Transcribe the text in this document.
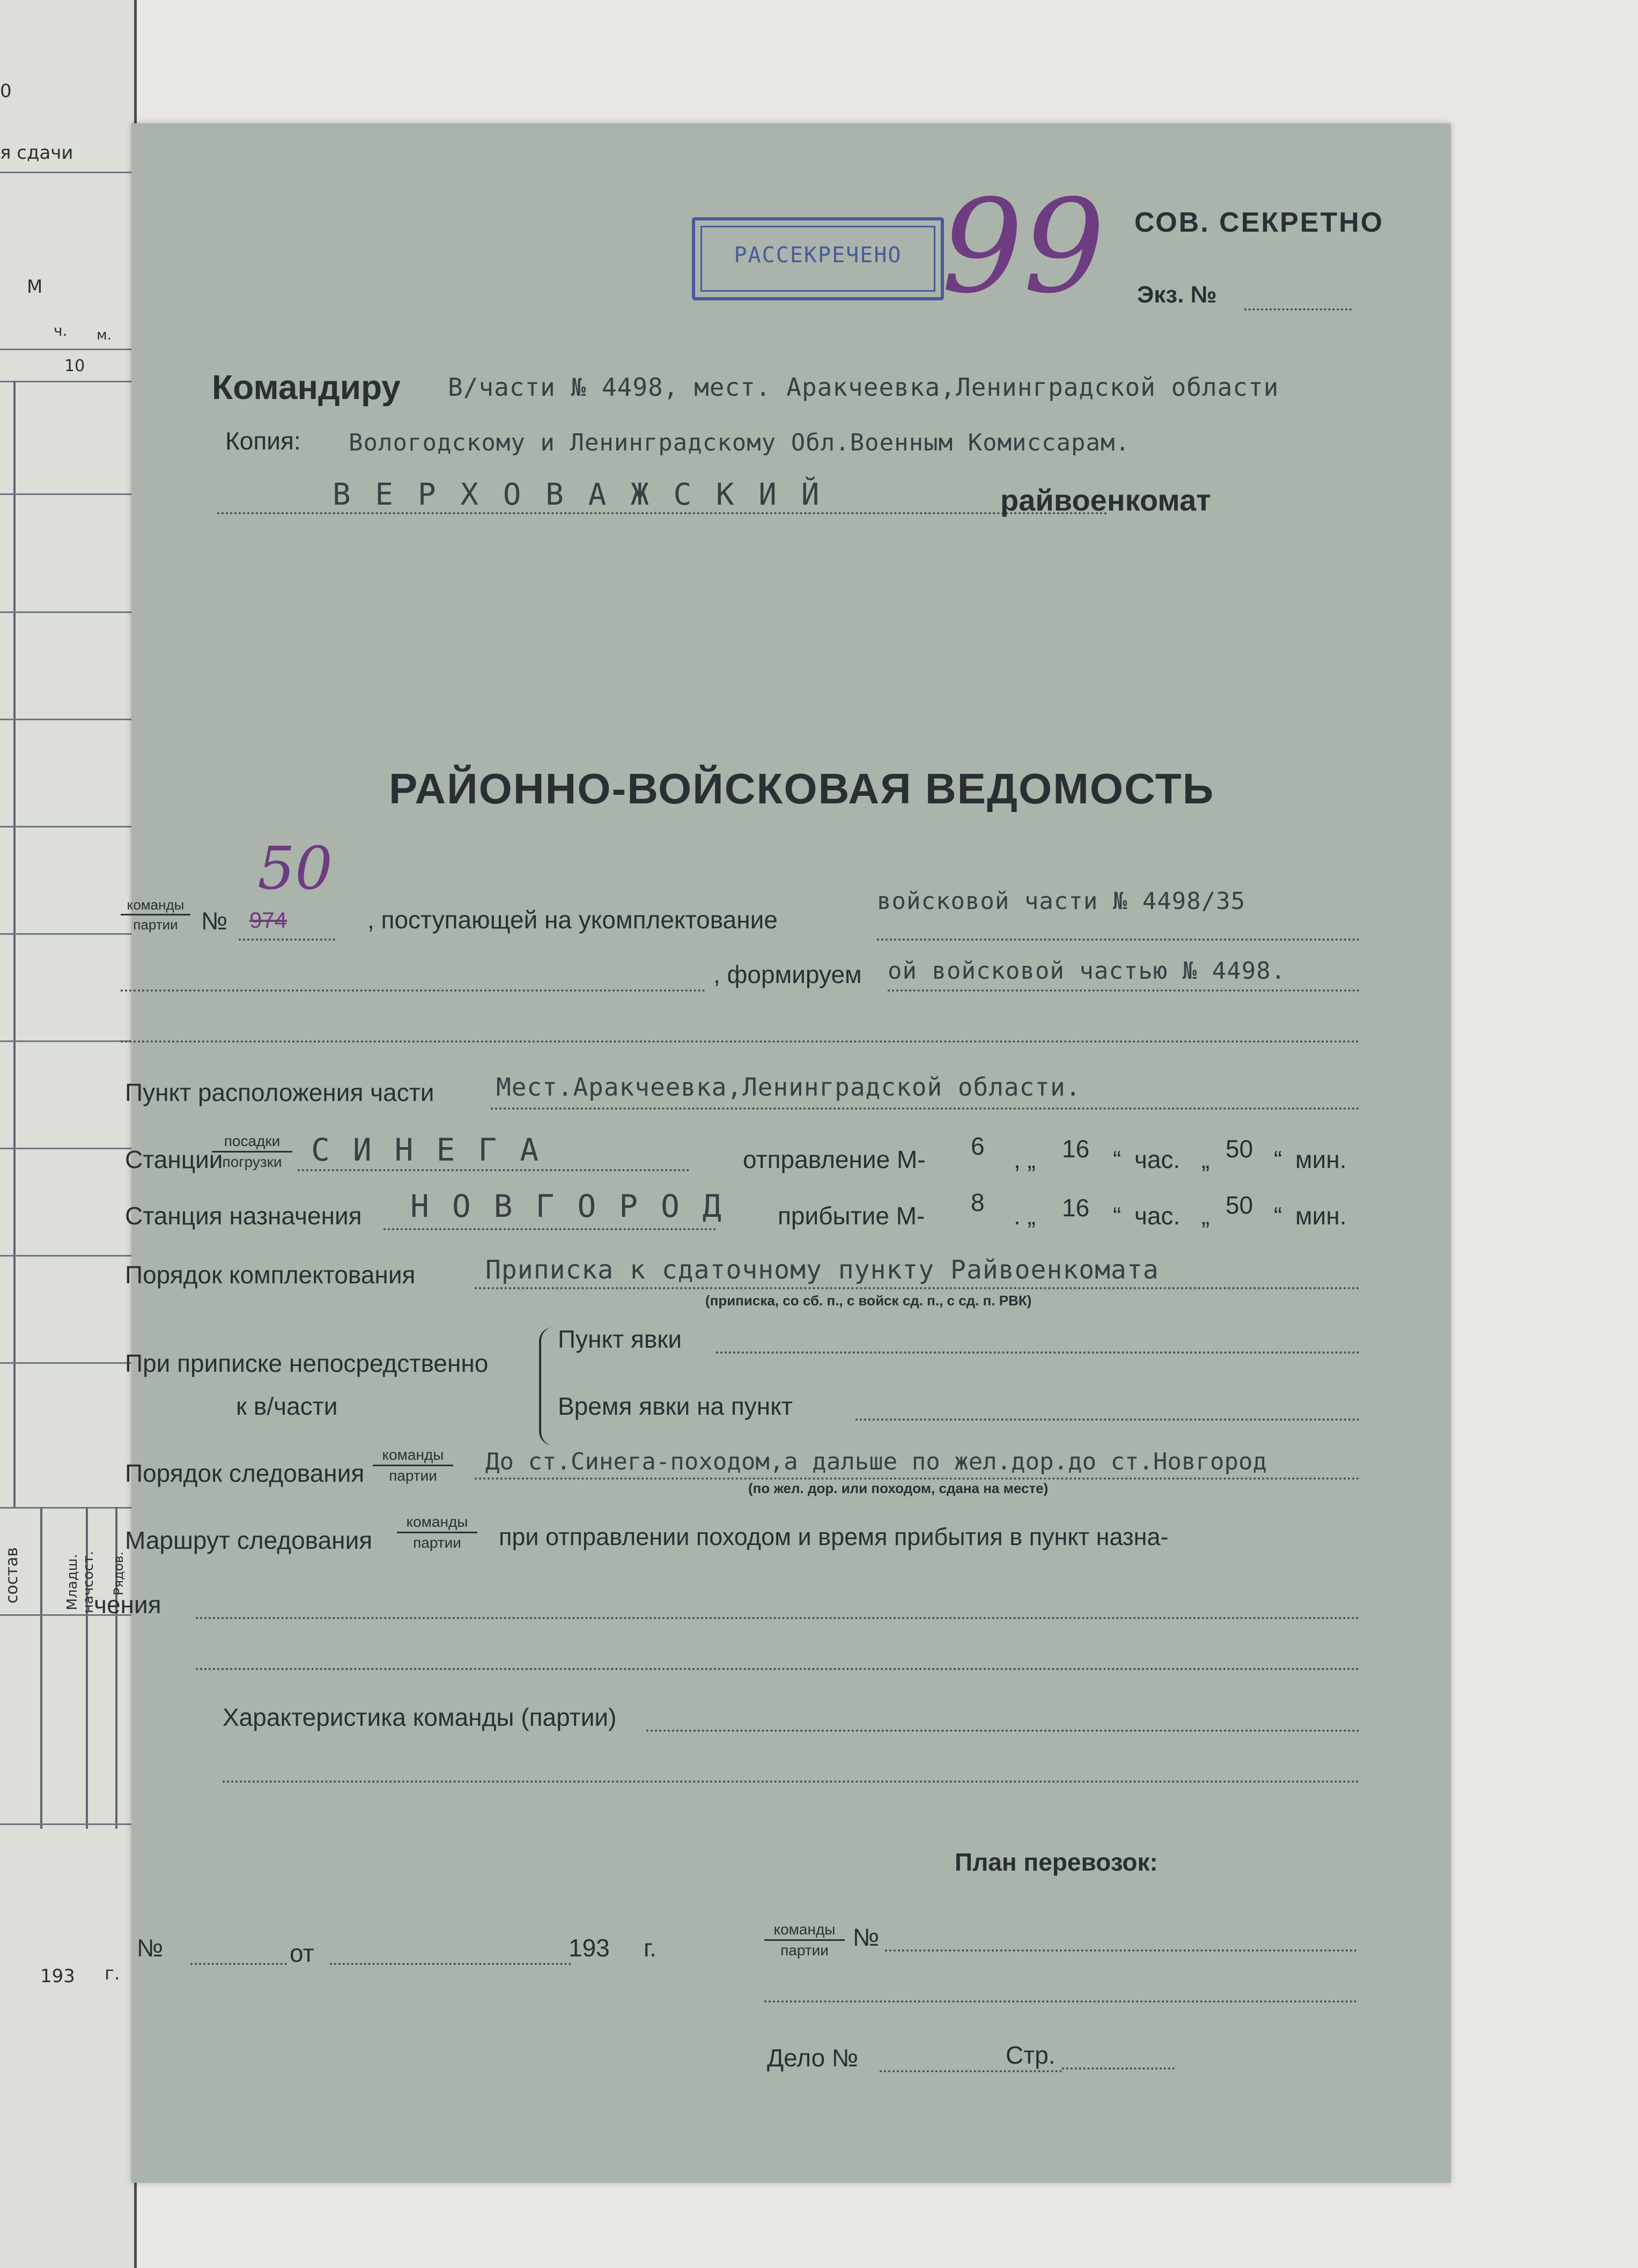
0
я сдачи
М
ч. м.
10
состав	Младш. начсост. Рядов.
193 г.
РАССЕКРЕЧЕНО 99 СОВ. СЕКРЕТНО
Экз. №
Командиру В/части № 4498, мест. Аракчеевка,Ленинградской области
Копия: Вологодскому и Ленинградскому Обл.Военным Комиссарам.
В Е Р Х О В А Ж С К И Й	райвоенкомат
РАЙОННО-ВОЙСКОВАЯ ВЕДОМОСТЬ
команды
партии № 974
50
, поступающей на укомплектование
войсковой части № 4498/35
, формируем ой войсковой частью № 4498.
Пункт расположения части	Мест.Аракчеевка,Ленинградской области.
Станции
посадки
погрузки С И Н Е Г А	отправление М- 6 , „ 16 “ час. „ 50 “ мин.
Станция назначения Н О В Г О Р О Д прибытие М- 8 . „ 16 “ час. „ 50 “ мин.
Порядок комплектования	Приписка к сдаточному пункту Райвоенкомата
(приписка, со сб. п., с войск сд. п., с сд. п. РВК)
При приписке непосредственно
к в/части
Пункт явки
Время явки на пункт
Порядок следования
команды
партии
До ст.Синега-походом,а дальше по жел.дор.до ст.Новгород
(по жел. дор. или походом, сдана на месте)
Маршрут следования
команды
партии	при отправлении походом и время прибытия в пункт назна-
чения
Характеристика команды (партии)
План перевозок:
№	от	193 г.
команды
партии №
Дело №	Стр.
